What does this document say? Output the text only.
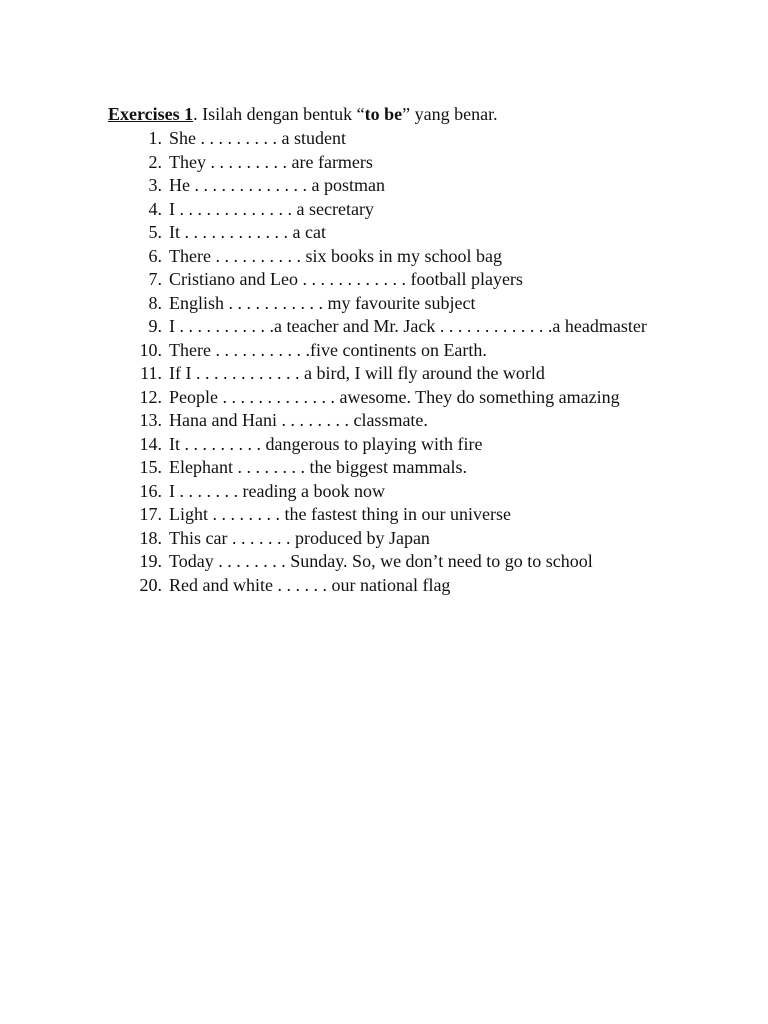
Exercises 1. Isilah dengan bentuk “to be” yang benar.
1. She . . . . . . . . . a student
2. They . . . . . . . . . are farmers
3. He . . . . . . . . . . . . . a postman
4. I . . . . . . . . . . . . . a secretary
5. It . . . . . . . . . . . . a cat
6. There . . . . . . . . . . six books in my school bag
7. Cristiano and Leo . . . . . . . . . . . . football players
8. English . . . . . . . . . . . my favourite subject
9. I . . . . . . . . . . .a teacher and Mr. Jack . . . . . . . . . . . . .a headmaster
10. There . . . . . . . . . . .five continents on Earth.
11. If I . . . . . . . . . . . . a bird, I will fly around the world
12. People . . . . . . . . . . . . . awesome. They do something amazing
13. Hana and Hani . . . . . . . . classmate.
14. It . . . . . . . . . dangerous to playing with fire
15. Elephant . . . . . . . . the biggest mammals.
16. I . . . . . . . reading a book now
17. Light . . . . . . . . the fastest thing in our universe
18. This car . . . . . . . produced by Japan
19. Today . . . . . . . . Sunday. So, we don’t need to go to school
20. Red and white . . . . . . our national flag
